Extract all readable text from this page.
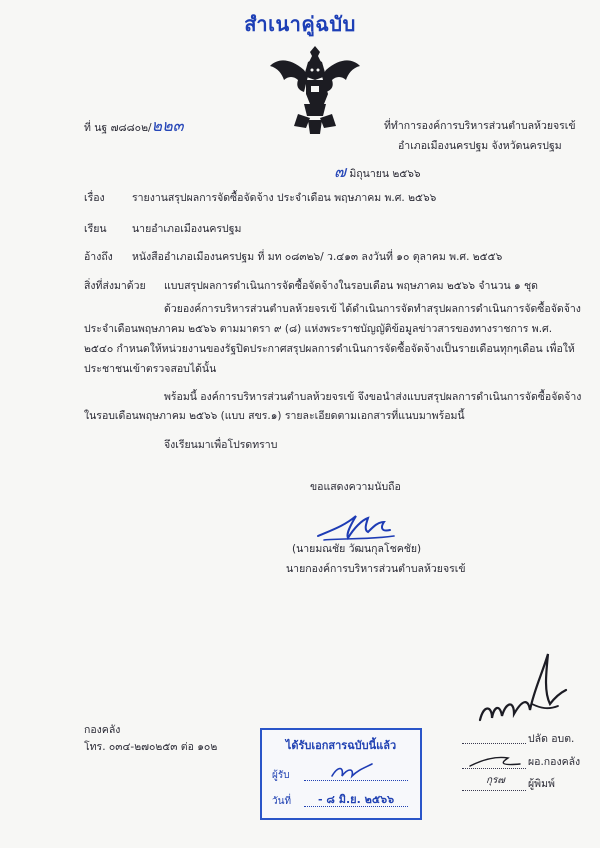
สำเนาคู่ฉบับ
ที่ นฐ ๗๘๘๐๒/๒๒๓	ที่ทำการองค์การบริหารส่วนตำบลห้วยจรเข้
อำเภอเมืองนครปฐม จังหวัดนครปฐม
๗ มิถุนายน ๒๕๖๖
เรื่อง	รายงานสรุปผลการจัดซื้อจัดจ้าง ประจำเดือน พฤษภาคม พ.ศ. ๒๕๖๖
เรียน นายอำเภอเมืองนครปฐม
อ้างถึง หนังสืออำเภอเมืองนครปฐม ที่ มท ๐๘๓๒๖/ ว.๔๑๓ ลงวันที่ ๑๐ ตุลาคม พ.ศ. ๒๕๕๖
สิ่งที่ส่งมาด้วย แบบสรุปผลการดำเนินการจัดซื้อจัดจ้างในรอบเดือน พฤษภาคม ๒๕๖๖ จำนวน ๑ ชุด
ด้วยองค์การบริหารส่วนตำบลห้วยจรเข้ ได้ดำเนินการจัดทำสรุปผลการดำเนินการจัดซื้อจัดจ้าง
ประจำเดือนพฤษภาคม ๒๕๖๖ ตามมาตรา ๙ (๘) แห่งพระราชบัญญัติข้อมูลข่าวสารของทางราชการ พ.ศ.
๒๕๔๐ กำหนดให้หน่วยงานของรัฐปิดประกาศสรุปผลการดำเนินการจัดซื้อจัดจ้างเป็นรายเดือนทุกๆเดือน เพื่อให้
ประชาชนเข้าตรวจสอบได้นั้น
พร้อมนี้ องค์การบริหารส่วนตำบลห้วยจรเข้ จึงขอนำส่งแบบสรุปผลการดำเนินการจัดซื้อจัดจ้าง
ในรอบเดือนพฤษภาคม ๒๕๖๖ (แบบ สขร.๑) รายละเอียดตามเอกสารที่แนบมาพร้อมนี้
จึงเรียนมาเพื่อโปรดทราบ
ขอแสดงความนับถือ
(นายมณชัย วัฒนกุลโชคชัย)
นายกองค์การบริหารส่วนตำบลห้วยจรเข้
กองคลัง
โทร. ๐๓๔-๒๗๐๒๕๓ ต่อ ๑๐๒	ได้รับเอกสารฉบับนี้แล้ว
ผู้รับ
วันที่ - ๘ มิ.ย. ๒๕๖๖
ปลัด อบต.
ผอ.กองคลัง
กุร๗ ผู้พิมพ์
